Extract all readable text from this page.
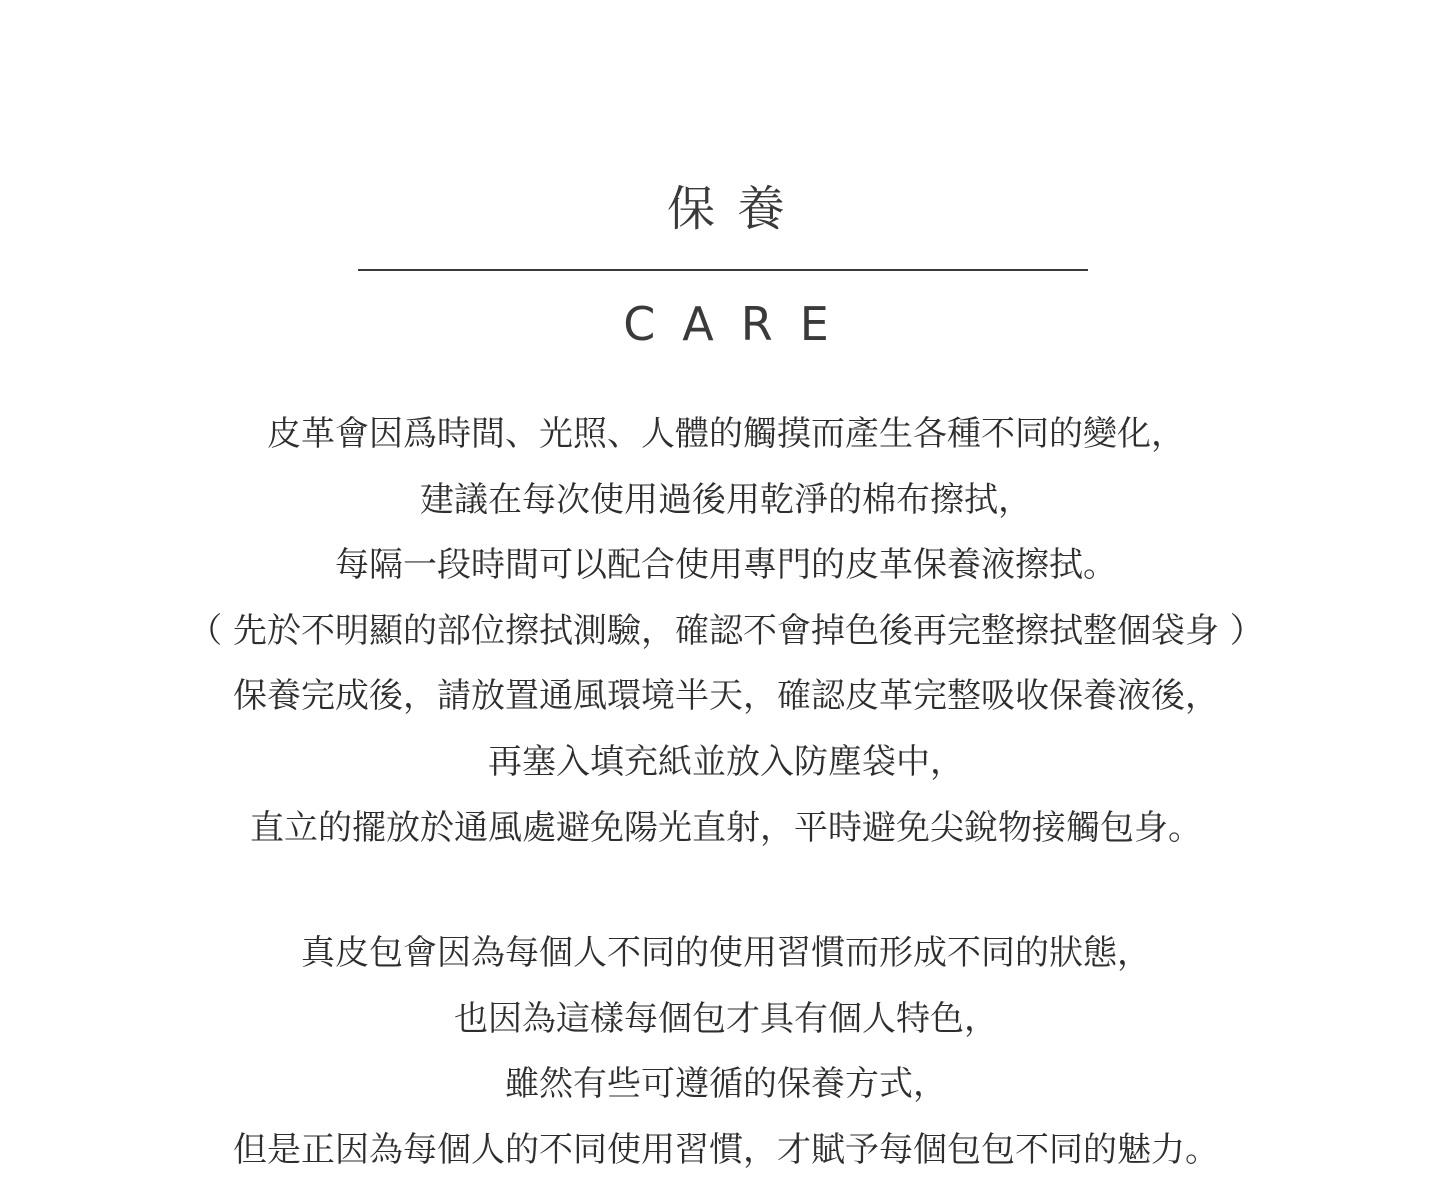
保養
CARE
皮革會因爲時間、光照、人體的觸摸而產生各種不同的變化，
建議在每次使用過後用乾淨的棉布擦拭，
每隔一段時間可以配合使用專門的皮革保養液擦拭。
（ 先於不明顯的部位擦拭測驗，確認不會掉色後再完整擦拭整個袋身 ）
保養完成後，請放置通風環境半天，確認皮革完整吸收保養液後，
再塞入填充紙並放入防塵袋中，
直立的擺放於通風處避免陽光直射，平時避免尖銳物接觸包身。
真皮包會因為每個人不同的使用習慣而形成不同的狀態，
也因為這樣每個包才具有個人特色，
雖然有些可遵循的保養方式，
但是正因為每個人的不同使用習慣，才賦予每個包包不同的魅力。
